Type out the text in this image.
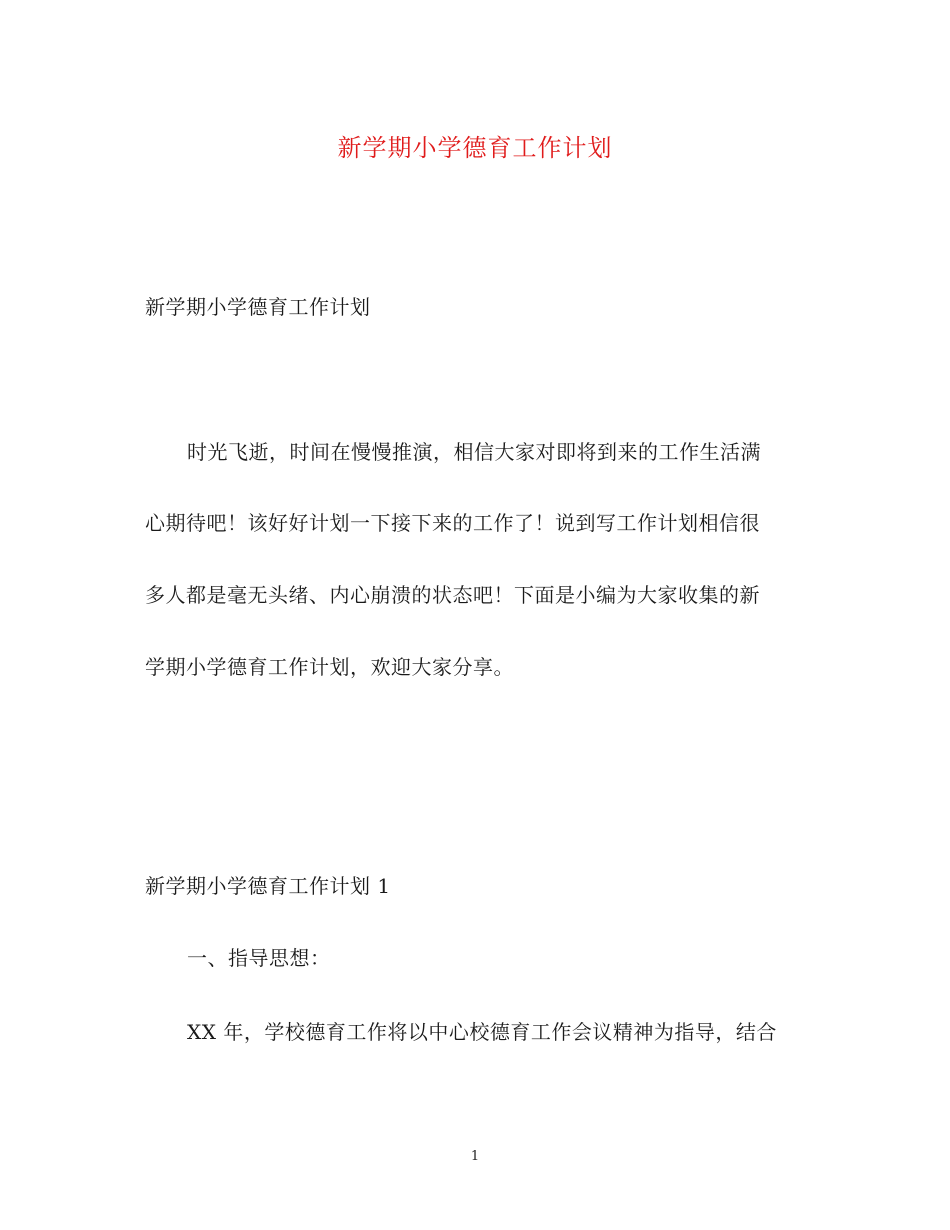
新学期小学德育工作计划
新学期小学德育工作计划
时光飞逝，时间在慢慢推演，相信大家对即将到来的工作生活满
心期待吧！该好好计划一下接下来的工作了！说到写工作计划相信很
多人都是毫无头绪、内心崩溃的状态吧！下面是小编为大家收集的新
学期小学德育工作计划，欢迎大家分享。
新学期小学德育工作计划 1
一、指导思想：
XX 年，学校德育工作将以中心校德育工作会议精神为指导，结合
1
